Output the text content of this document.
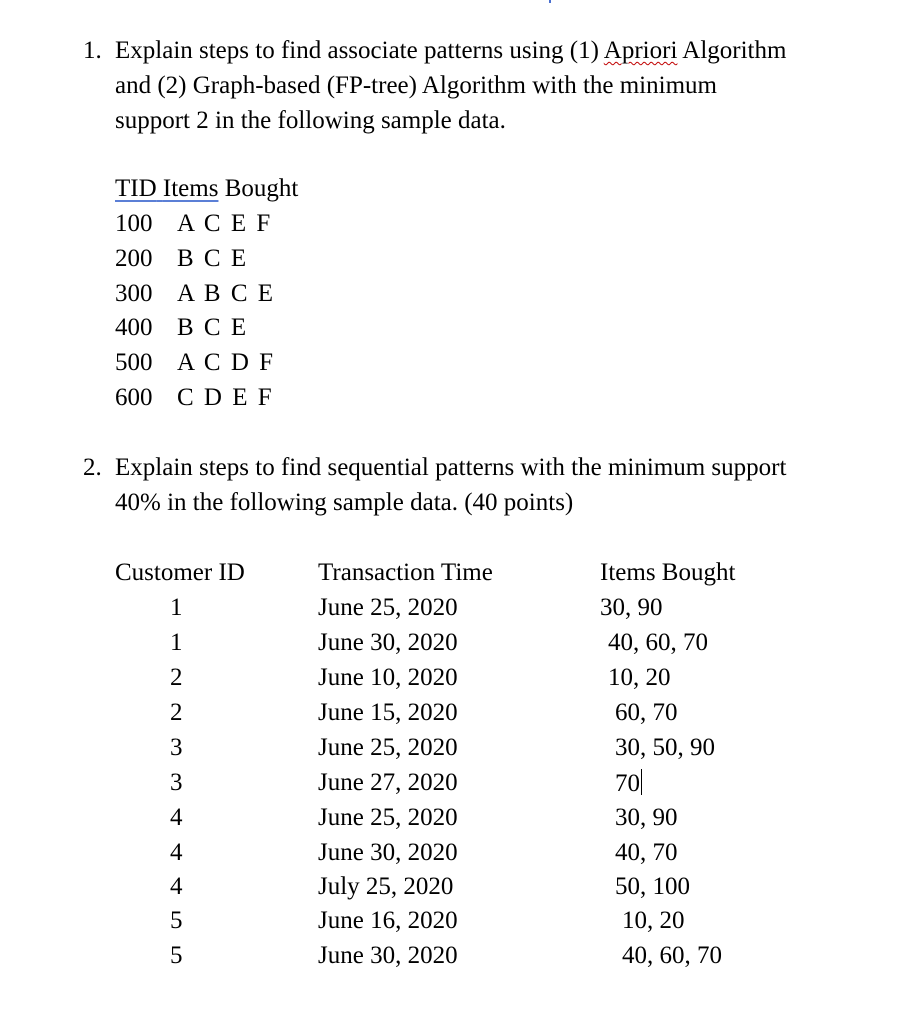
1. Explain steps to find associate patterns using (1) Apriori Algorithm
and (2) Graph-based (FP-tree) Algorithm with the minimum
support 2 in the following sample data.
TID Items Bought
100 A C E F
200 B C E
300 A B C E
400 B C E
500 A C D F
600 C D E F
2. Explain steps to find sequential patterns with the minimum support
40% in the following sample data. (40 points)
Customer ID	Transaction Time	Items Bought
1	June 25, 2020	30, 90
1	June 30, 2020	40, 60, 70
2	June 10, 2020	10, 20
2	June 15, 2020	60, 70
3	June 25, 2020	30, 50, 90
3	June 27, 2020	70
4	June 25, 2020	30, 90
4	June 30, 2020	40, 70
4	July 25, 2020	50, 100
5	June 16, 2020	10, 20
5	June 30, 2020	40, 60, 70
